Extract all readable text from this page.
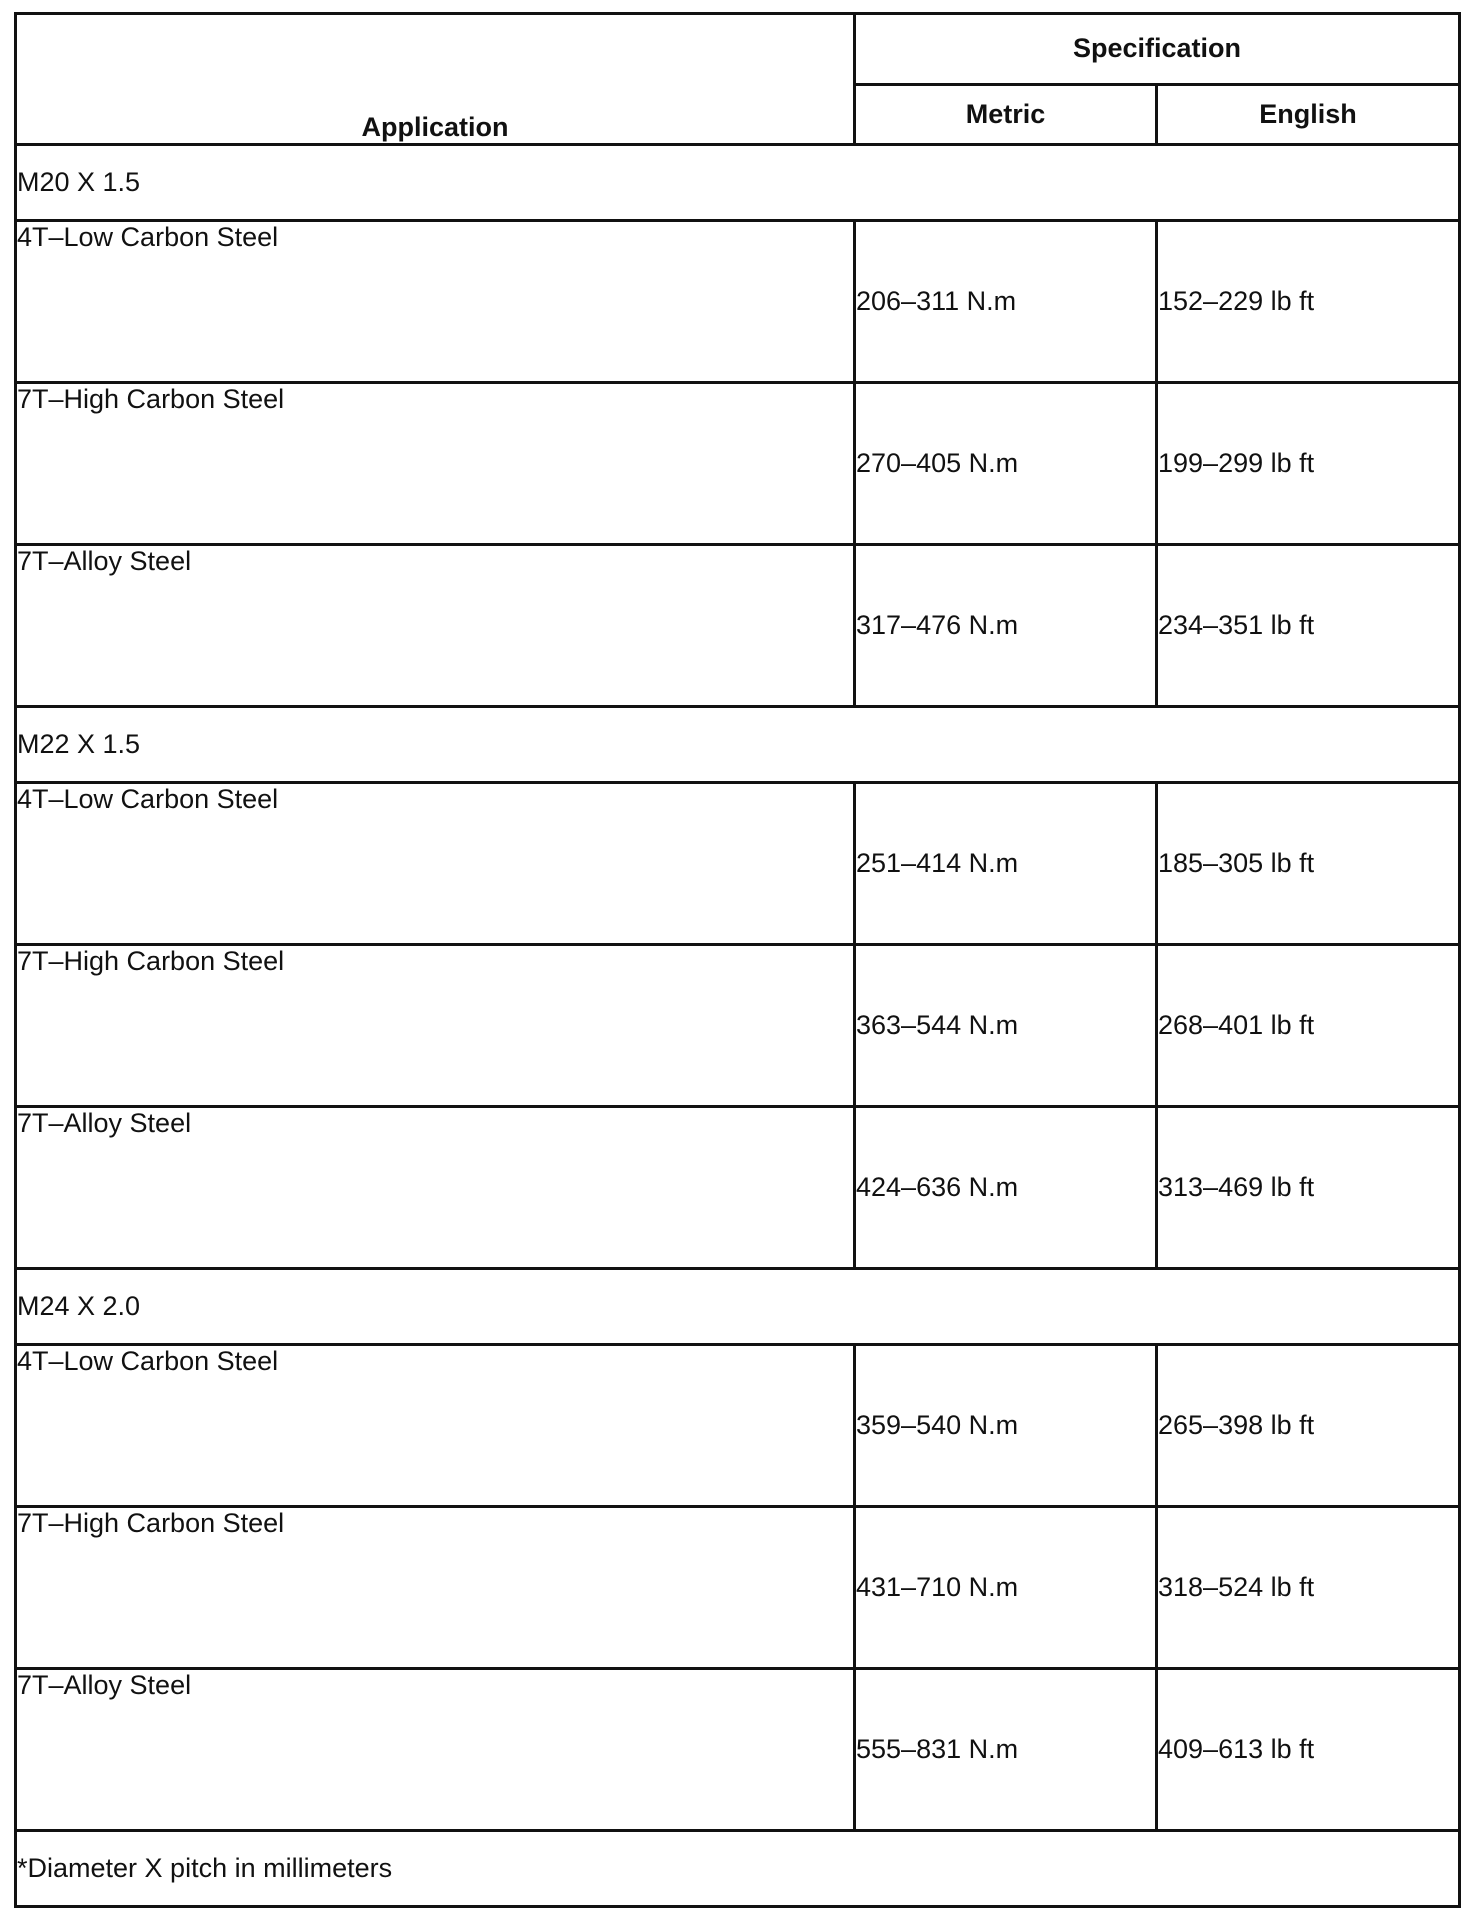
Application	Specification	
	Metric	English
M20 X 1.5		
4T–Low Carbon Steel	206–311 N.m	152–229 lb ft
7T–High Carbon Steel	270–405 N.m	199–299 lb ft
7T–Alloy Steel	317–476 N.m	234–351 lb ft
M22 X 1.5		
4T–Low Carbon Steel	251–414 N.m	185–305 lb ft
7T–High Carbon Steel	363–544 N.m	268–401 lb ft
7T–Alloy Steel	424–636 N.m	313–469 lb ft
M24 X 2.0		
4T–Low Carbon Steel	359–540 N.m	265–398 lb ft
7T–High Carbon Steel	431–710 N.m	318–524 lb ft
7T–Alloy Steel	555–831 N.m	409–613 lb ft
*Diameter X pitch in millimeters		
